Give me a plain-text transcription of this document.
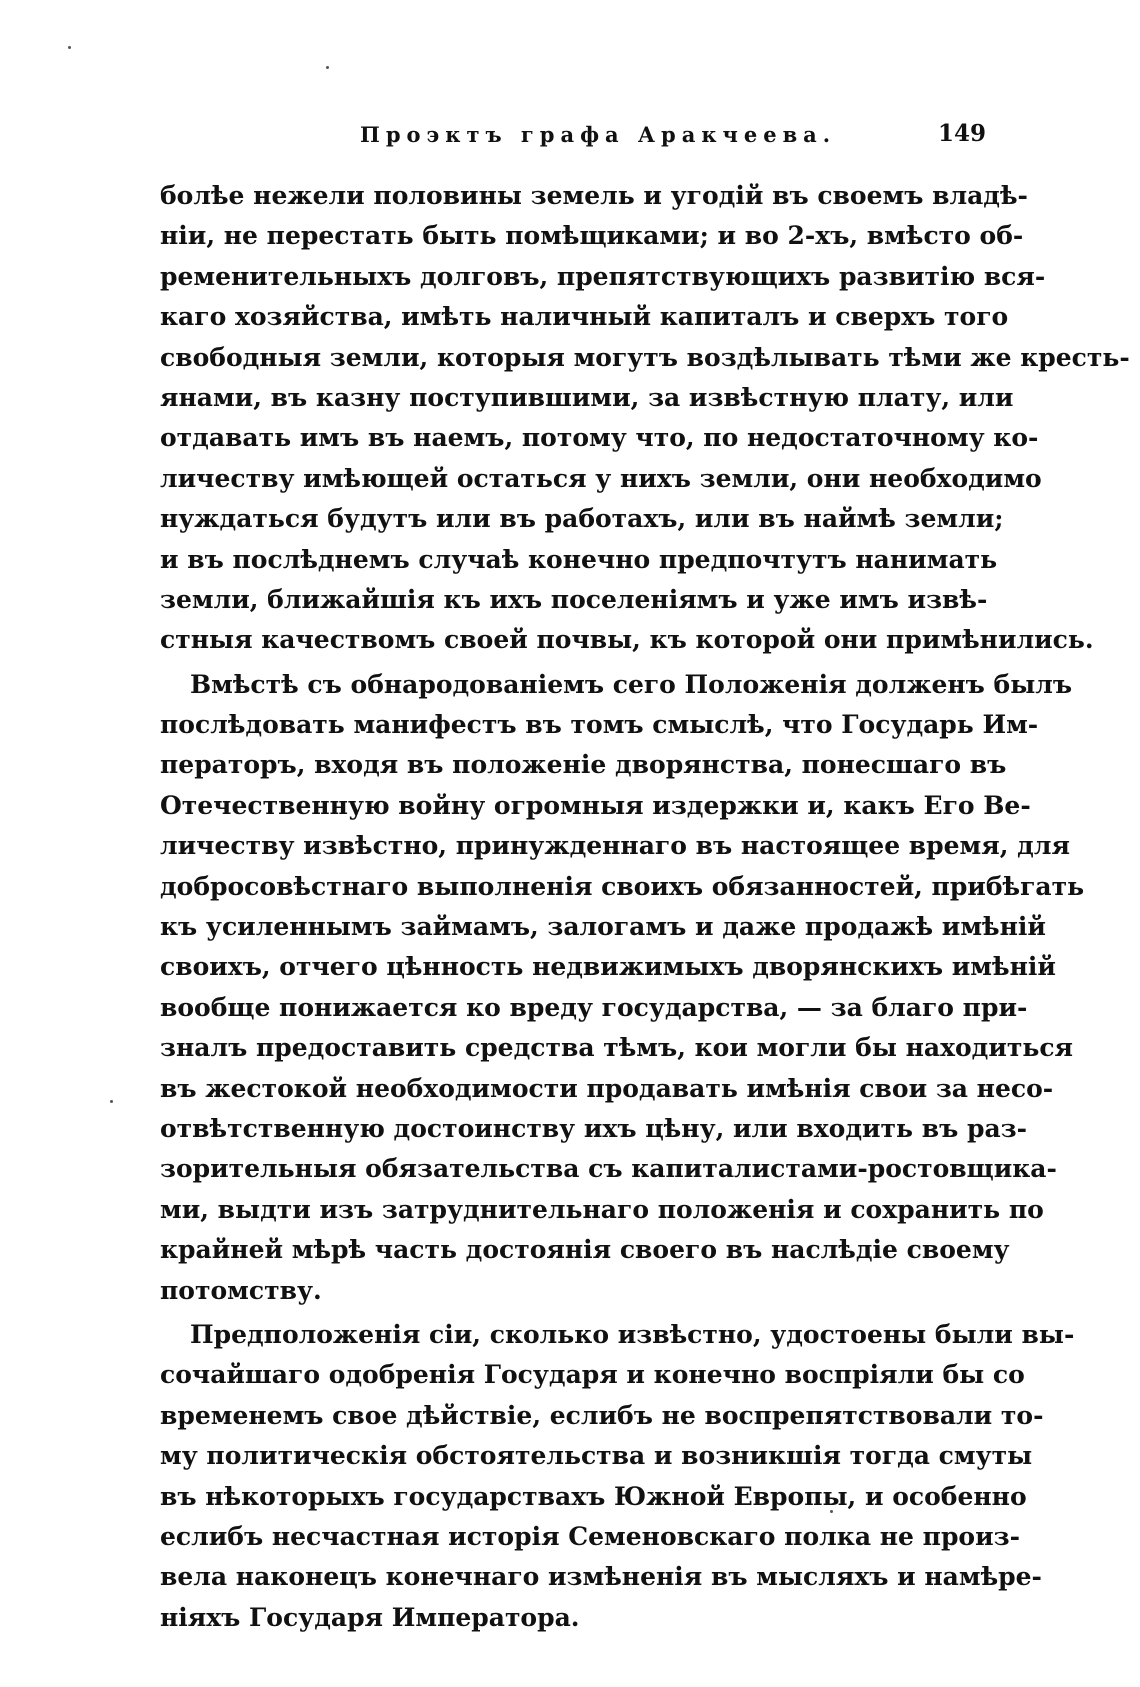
Проэктъ графа Аракчеева.	149
болѣе нежели половины земель и угодій въ своемъ владѣ-
ніи, не перестать быть помѣщиками; и во 2-хъ, вмѣсто об-
ременительныхъ долговъ, препятствующихъ развитію вся-
каго хозяйства, имѣть наличный капиталъ и сверхъ того
свободныя земли, которыя могутъ воздѣлывать тѣми же кресть-
янами, въ казну поступившими, за извѣстную плату, или
отдавать имъ въ наемъ, потому что, по недостаточному ко-
личеству имѣющей остаться у нихъ земли, они необходимо
нуждаться будутъ или въ работахъ, или въ наймѣ земли;
и въ послѣднемъ случаѣ конечно предпочтутъ нанимать
земли, ближайшія къ ихъ поселеніямъ и уже имъ извѣ-
стныя качествомъ своей почвы, къ которой они примѣнились.
Вмѣстѣ съ обнародованіемъ сего Положенія долженъ былъ
послѣдовать манифестъ въ томъ смыслѣ, что Государь Им-
ператоръ, входя въ положеніе дворянства, понесшаго въ
Отечественную войну огромныя издержки и, какъ Его Ве-
личеству извѣстно, принужденнаго въ настоящее время, для
добросовѣстнаго выполненія своихъ обязанностей, прибѣгать
къ усиленнымъ займамъ, залогамъ и даже продажѣ имѣній
своихъ, отчего цѣнность недвижимыхъ дворянскихъ имѣній
вообще понижается ко вреду государства, — за благо при-
зналъ предоставить средства тѣмъ, кои могли бы находиться
въ жестокой необходимости продавать имѣнія свои за несо-
отвѣтственную достоинству ихъ цѣну, или входить въ раз-
зорительныя обязательства съ капиталистами-ростовщика-
ми, выдти изъ затруднительнаго положенія и сохранить по
крайней мѣрѣ часть достоянія своего въ наслѣдіе своему
потомству.
Предположенія сіи, сколько извѣстно, удостоены были вы-
сочайшаго одобренія Государя и конечно воспріяли бы со
временемъ свое дѣйствіе, еслибъ не воспрепятствовали то-
му политическія обстоятельства и возникшія тогда смуты
въ нѣкоторыхъ государствахъ Южной Европы, и особенно
еслибъ несчастная исторія Семеновскаго полка не произ-
вела наконецъ конечнаго измѣненія въ мысляхъ и намѣре-
ніяхъ Государя Императора.
